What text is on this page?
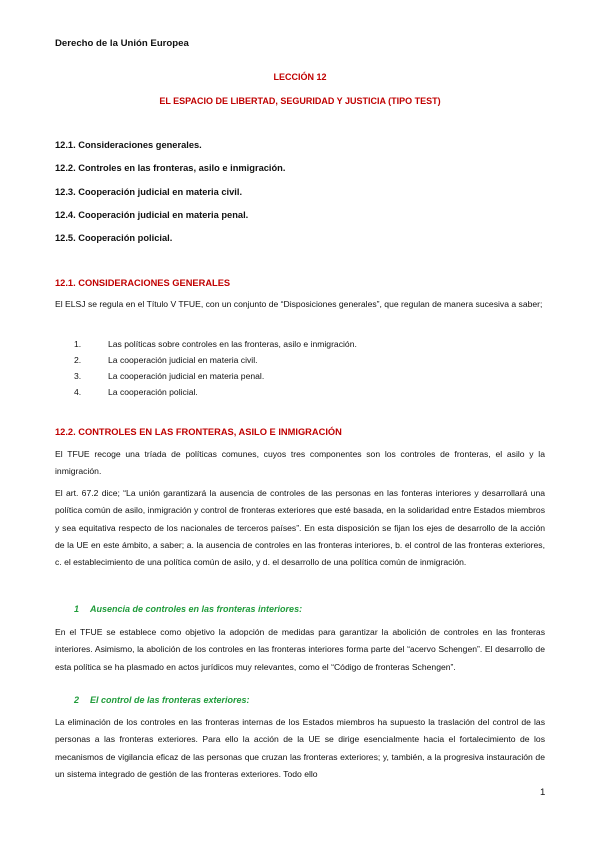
Derecho de la Unión Europea
LECCIÓN 12
EL ESPACIO DE LIBERTAD, SEGURIDAD Y JUSTICIA (TIPO TEST)
12.1. Consideraciones generales.
12.2. Controles en las fronteras, asilo e inmigración.
12.3. Cooperación judicial en materia civil.
12.4. Cooperación judicial en materia penal.
12.5. Cooperación policial.
12.1. CONSIDERACIONES GENERALES

El ELSJ se regula en el Título V TFUE, con un conjunto de “Disposiciones generales”, que regulan de manera sucesiva a saber;

1.	Las políticas sobre controles en las fronteras, asilo e inmigración.
2.	La cooperación judicial en materia civil.
3.	La cooperación judicial en materia penal.
4.	La cooperación policial.
12.2. CONTROLES EN LAS FRONTERAS, ASILO E INMIGRACIÓN

El TFUE recoge una tríada de políticas comunes, cuyos tres componentes son los controles de fronteras, el asilo y la inmigración.

El art. 67.2 dice; “La unión garantizará la ausencia de controles de las personas en las fonteras interiores y desarrollará una política común de asilo, inmigración y control de fronteras exteriores que esté basada, en la solidaridad entre Estados miembros y sea equitativa respecto de los nacionales de terceros países”. En esta disposición se fijan los ejes de desarrollo de la acción de la UE en este ámbito, a saber; a. la ausencia de controles en las fronteras interiores, b. el control de las fronteras exteriores, c. el establecimiento de una política común de asilo, y d. el desarrollo de una política común de inmigración.

1 Ausencia de controles en las fronteras interiores:

En el TFUE se establece como objetivo la adopción de medidas para garantizar la abolición de controles en las fronteras interiores. Asimismo, la abolición de los controles en las fronteras interiores forma parte del “acervo Schengen”. El desarrollo de esta política se ha plasmado en actos jurídicos muy relevantes, como el “Código de fronteras Schengen”.

2 El control de las fronteras exteriores:

La eliminación de los controles en las fronteras internas de los Estados miembros ha supuesto la traslación del control de las personas a las fronteras exteriores. Para ello la acción de la UE se dirige esencialmente hacia el fortalecimiento de los mecanismos de vigilancia eficaz de las personas que cruzan las fronteras exteriores; y, también, a la progresiva instauración de un sistema integrado de gestión de las fronteras exteriores. Todo ello

1
